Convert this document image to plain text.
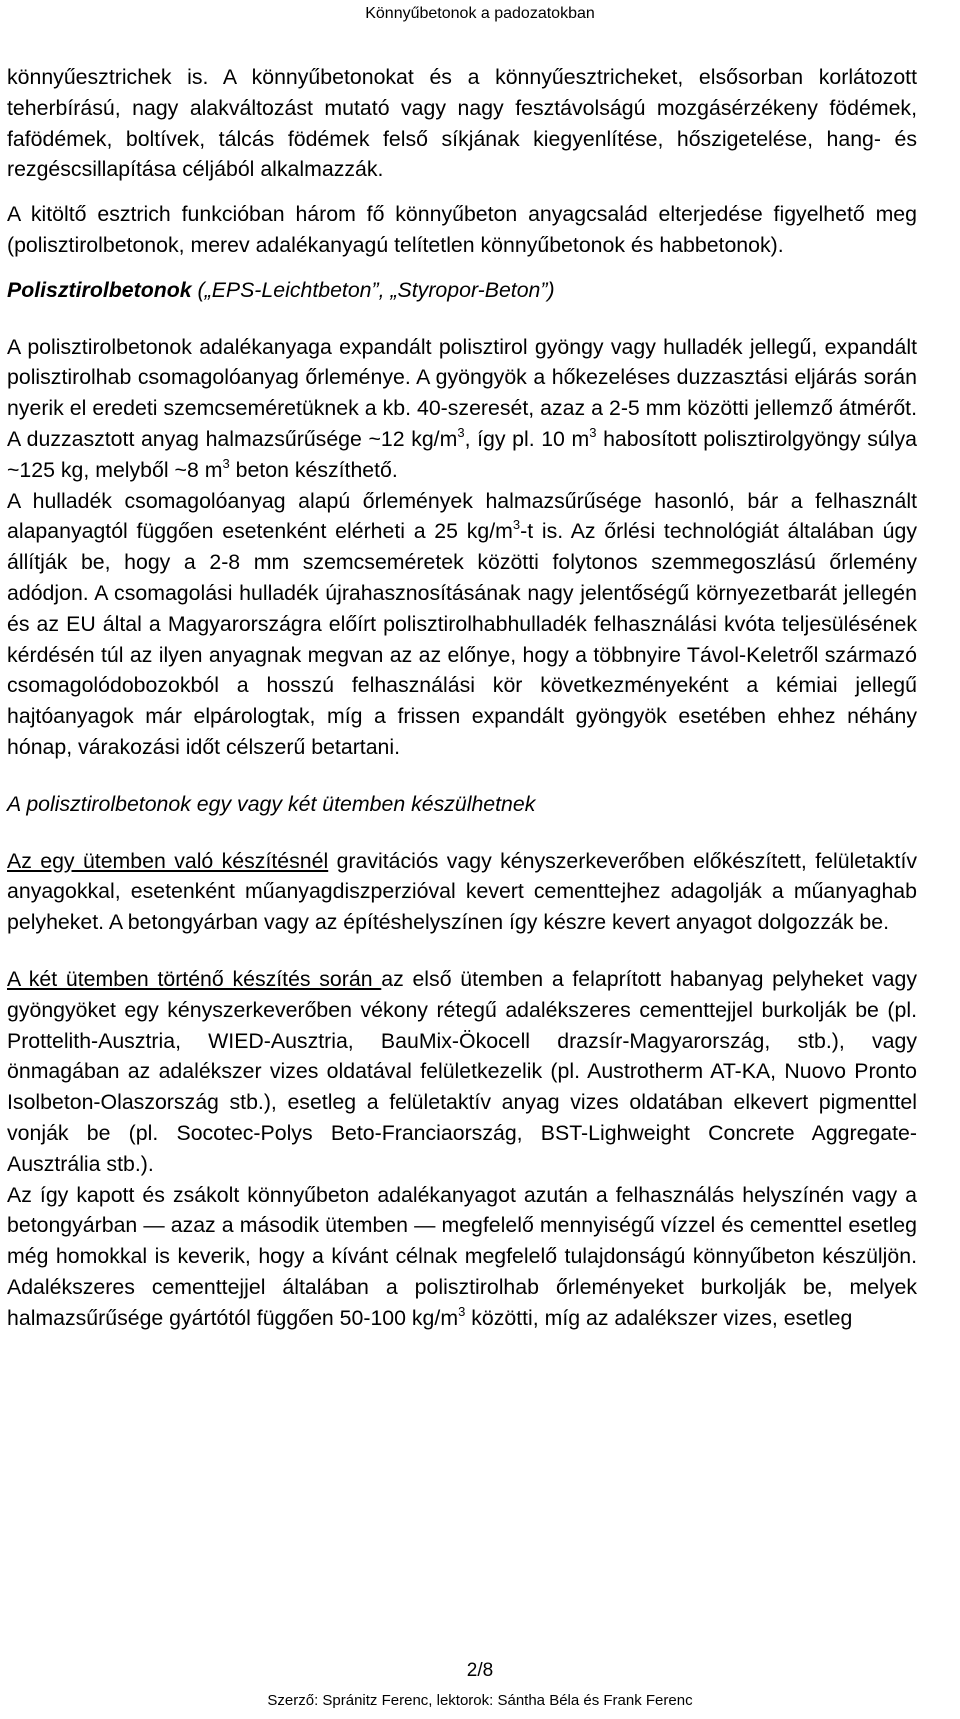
Könnyűbetonok a padozatokban

könnyűesztrichek is. A könnyűbetonokat és a könnyűesztricheket, elsősorban korlátozott teherbírású, nagy alakváltozást mutató vagy nagy fesztávolságú mozgásérzékeny födémek, fafödémek, boltívek, tálcás födémek felső síkjának kiegyenlítése, hőszigetelése, hang- és rezgéscsillapítása céljából alkalmazzák.

A kitöltő esztrich funkcióban három fő könnyűbeton anyagcsalád elterjedése figyelhető meg (polisztirolbetonok, merev adalékanyagú telítetlen könnyűbetonok és habbetonok).

Polisztirolbetonok („EPS-Leichtbeton”, „Styropor-Beton”)

A polisztirolbetonok adalékanyaga expandált polisztirol gyöngy vagy hulladék jellegű, expandált polisztirolhab csomagolóanyag őrleménye. A gyöngyök a hőkezeléses duzzasztási eljárás során nyerik el eredeti szemcseméretüknek a kb. 40-szeresét, azaz a 2-5 mm közötti jellemző átmérőt. A duzzasztott anyag halmazsűrűsége ~12 $kg/m^3$, így pl. 10 $m^3$ habosított polisztirolgyöngy súlya ~125 kg, melyből ~8 $m^3$ beton készíthető.

A hulladék csomagolóanyag alapú őrlemények halmazsűrűsége hasonló, bár a felhasznált alapanyagtól függően esetenként elérheti a 25 $kg/m^3-t$ is. Az őrlési technológiát általában úgy állítják be, hogy a 2-8 mm szemcseméretek közötti folytonos szemmegoszlású őrlemény adódjon. A csomagolási hulladék újrahasznosításának nagy jelentőségű környezetbarát jellegén és az EU által a Magyarországra előírt polisztirolhabhulladék felhasználási kvóta teljesülésének kérdésén túl az ilyen anyagnak megvan az az előnye, hogy a többnyire Távol-Keletről származó csomagolódobozokból a hosszú felhasználási kör következményeként a kémiai jellegű hajtóanyagok már elpárologtak, míg a frissen expandált gyöngyök esetében ehhez néhány hónap, várakozási időt célszerű betartani.

A polisztirolbetonok egy vagy két ütemben készülhetnek

Az egy ütemben való készítésnél gravitációs vagy kényszerkeverőben előkészített, felületaktív anyagokkal, esetenként műanyagdiszperzióval kevert cementtejhez adagolják a műanyaghab pelyheket. A betongyárban vagy az építéshelyszínen így készre kevert anyagot dolgozzák be.

A két ütemben történő készítés során az első ütemben a felaprított habanyag pelyheket vagy gyöngyöket egy kényszerkeverőben vékony rétegű adalékszeres cementtejjel burkolják be (pl. Prottelith-Ausztria, WIED-Ausztria, BauMix-Ökocell drazsír-Magyarország, stb.), vagy önmagában az adalékszer vizes oldatával felületkezelik (pl. Austrotherm AT-KA, Nuovo Pronto Isolbeton-Olaszország stb.), esetleg a felületaktív anyag vizes oldatában elkevert pigmenttel vonják be (pl. Socotec-Polys Beto-Franciaország, BST-Lighweight Concrete Aggregate-Ausztrália stb.).

Az így kapott és zsákolt könnyűbeton adalékanyagot azután a felhasználás helyszínén vagy a betongyárban — azaz a második ütemben — megfelelő mennyiségű vízzel és cementtel esetleg még homokkal is keverik, hogy a kívánt célnak megfelelő tulajdonságú könnyűbeton készüljön. Adalékszeres cementtejjel általában a polisztirolhab őrleményeket burkolják be, melyek halmazsűrűsége gyártótól függően 50-100 $kg/m^3$ közötti, míg az adalékszer vizes, esetleg

2/8
Szerző: Spránitz Ferenc, lektorok: Sántha Béla és Frank Ferenc
